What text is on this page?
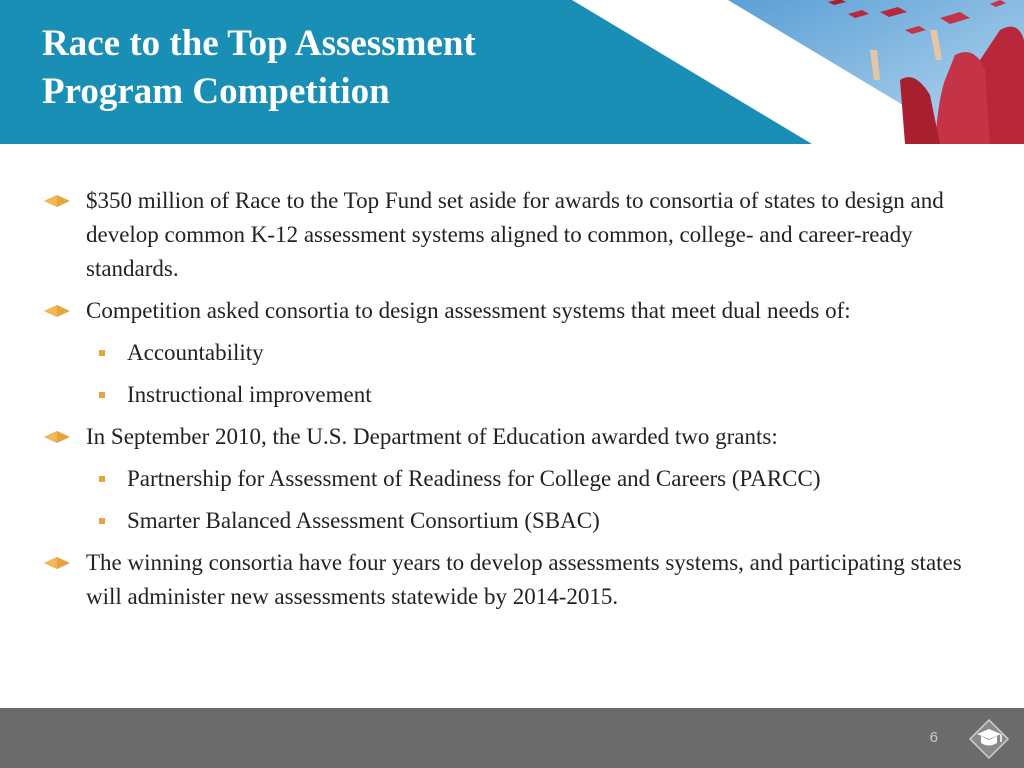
Race to the Top Assessment
Program Competition
$350 million of Race to the Top Fund set aside for awards to consortia of states to design and develop common K-12 assessment systems aligned to common, college- and career-ready standards.
Competition asked consortia to design assessment systems that meet dual needs of:
Accountability
Instructional improvement
In September 2010, the U.S. Department of Education awarded two grants:
Partnership for Assessment of Readiness for College and Careers (PARCC)
Smarter Balanced Assessment Consortium (SBAC)
The winning consortia have four years to develop assessments systems, and participating states will administer new assessments statewide by 2014-2015.
6
